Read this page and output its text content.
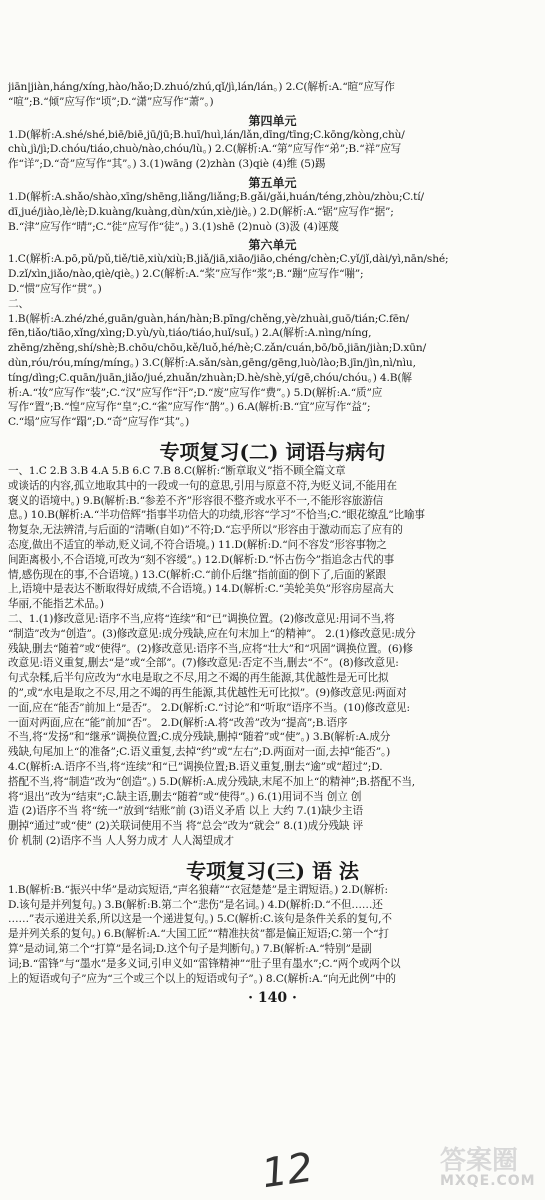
jiān|jiàn,háng/xíng,hào/hǎo;D.zhuó/zhú,qǐ/jì,lán/lán。) 2.C(解析:A.“暄”应写作
“喧”;B.“倾”应写作“顷”;D.“潇”应写作“萧”。)
第四单元
1.D(解析:A.shé/shé,biē/biē,jū/jū;B.huī/huì,lán/lǎn,dīng/tīng;C.kōng/kòng,chù/
chù,jì/jì;D.chóu/tiáo,chuò/nào,chóu/lù。) 2.C(解析:A.“第”应写作“弟”;B.“祥”应写
作“详”;D.“奇”应写作“其”。) 3.(1)wāng (2)zhàn (3)qiè (4)维 (5)踢
第五单元
1.D(解析:A.shǎo/shào,xīng/shēng,liǎng/liǎng;B.gǎi/gǎi,huán/téng,zhòu/zhòu;C.tí/
dī,jué/jiào,lè/lè;D.kuàng/kuàng,dùn/xún,xiè/jiè。) 2.D(解析:A.“锯”应写作“据”;
B.“津”应写作“晴”;C.“徙”应写作“徒”。) 3.(1)shē (2)nuò (3)汲 (4)诬蔑
第六单元
1.C(解析:A.pō,pǔ/pǔ,tiě/tiē,xiù/xiù;B.jiǎ/jiā,xiāo/jiāo,chéng/chèn;C.yǐ/jǐ,dài/yì,nān/shé;
D.zǐ/xìn,jiǎo/nào,qiè/qiè。) 2.C(解析:A.“桨”应写作“浆”;B.“蹦”应写作“嘣”;
D.“惯”应写作“贯”。)
二、
1.B(解析:A.zhé/zhé,guān/guàn,hán/hàn;B.pīng/chěng,yè/zhuài,guō/tián;C.fēn/
fēn,tiǎo/tiāo,xǐng/xìng;D.yù/yù,tiáo/tiáo,huǐ/suǐ。) 2.A(解析:A.nìng/níng,
zhēng/zhěng,shí/shè;B.chōu/chōu,kě/luǒ,hé/hè;C.zǎn/cuán,bō/bō,jiān/jiàn;D.xūn/
dùn,róu/róu,míng/míng。) 3.C(解析:A.sǎn/sàn,gēng/gēng,luò/lào;B.jīn/jìn,nì/nìu,
tíng/dìng;C.quān/juān,jiǎo/jué,zhuǎn/zhuàn;D.hè/shè,yí/gē,chóu/chóu。) 4.B(解
析:A.“妆”应写作“装”;C.“汉”应写作“汗”;D.“废”应写作“费”。) 5.D(解析:A.“质”应
写作“置”;B.“惶”应写作“皇”;C.“雀”应写作“鹊”。) 6.A(解析:B.“宜”应写作“益”;
C.“塌”应写作“蹋”;D.“奇”应写作“其”。)
专项复习(二) 词语与病句
一、1.C 2.B 3.B 4.A 5.B 6.C 7.B 8.C(解析:“断章取义”指不顾全篇文章
或谈话的内容,孤立地取其中的一段或一句的意思,引用与原意不符,为贬义词,不能用在
褒义的语境中。) 9.B(解析:B.“参差不齐”形容很不整齐或水平不一,不能形容旅游信
息。) 10.B(解析:A.“半功倍辉”指事半功倍大的功绩,形容“学习”不恰当;C.“眼花缭乱”比喻事
物复杂,无法辨清,与后面的“清晰(自如)”不符;D.“忘乎所以”形容由于激动而忘了应有的
态度,做出不适宜的举动,贬义词,不符合语境。) 11.D(解析:D.“问不容发”形容事物之
间距离极小,不合语境,可改为“刻不容缓”。) 12.D(解析:D.“怀古伤今”指追念古代的事
情,感伤现在的事,不合语境。) 13.C(解析:C.“前仆后继”指前面的倒下了,后面的紧跟
上,语境中是表达不断取得好成绩,不合语境。) 14.D(解析:C.“美轮美奂”形容房屋高大
华丽,不能指艺术品。)
二、1.(1)修改意见:语序不当,应将“连续”和“已”调换位置。(2)修改意见:用词不当,将
“制造”改为“创造”。(3)修改意见:成分残缺,应在句末加上“的精神”。 2.(1)修改意见:成分
残缺,删去“随着”或“使得”。(2)修改意见:语序不当,应将“壮大”和“巩固”调换位置。(6)修
改意见:语义重复,删去“是”或“全部”。(7)修改意见:否定不当,删去“不”。(8)修改意见:
句式杂糅,后半句应改为“水电是取之不尽,用之不竭的再生能源,其优越性是无可比拟
的”,或“水电是取之不尽,用之不竭的再生能源,其优越性无可比拟”。(9)修改意见:两面对
一面,应在“能否”前加上“是否”。 2.D(解析:C.“讨论”和“听取”语序不当。(10)修改意见:
一面对两面,应在“能”前加“否”。 2.D(解析:A.将“改善”改为“提高”;B.语序
不当,将“发扬”和“继承”调换位置;C.成分残缺,删掉“随着”或“使”。) 3.B(解析:A.成分
残缺,句尾加上“的准备”;C.语义重复,去掉“约”或“左右”;D.两面对一面,去掉“能否”。)
4.C(解析:A.语序不当,将“连续”和“已”调换位置;B.语义重复,删去“逾”或“超过”;D.
搭配不当,将“制造”改为“创造”。) 5.D(解析:A.成分残缺,末尾不加上“的精神”;B.搭配不当,
将“退出”改为“结束”;C.缺主语,删去“随着”或“使得”。) 6.(1)用词不当 创立 创
造 (2)语序不当 将“统一”放到“结账”前 (3)语义矛盾 以上 大约 7.(1)缺少主语
删掉“通过”或“使” (2)关联词使用不当 将“总会”改为“就会” 8.(1)成分残缺 评
价 机制 (2)语序不当 人人努力成才 人人渴望成才
专项复习(三) 语 法
1.B(解析:B.“振兴中华”是动宾短语,“声名狼藉”“衣冠楚楚”是主谓短语。) 2.D(解析:
D.该句是并列复句。) 3.B(解析:B.第二个“悲伤”是名词。) 4.D(解析:D.“不但……还
……”表示递进关系,所以这是一个递进复句。) 5.C(解析:C.该句是条件关系的复句,不
是并列关系的复句。) 6.B(解析:A.“大国工匠”“精准扶贫”都是偏正短语;C.第一个“打
算”是动词,第二个“打算”是名词;D.这个句子是判断句。) 7.B(解析:A.“特别”是副
词;B.“雷锋”与“墨水”是多义词,引申义如“雷锋精神”“肚子里有墨水”;C.“两个或两个以
上的短语或句子”应为“三个或三个以上的短语或句子”。) 8.C(解析:A.“向无此例”中的
· 140 ·
12	答案圈
MXQE.COM
